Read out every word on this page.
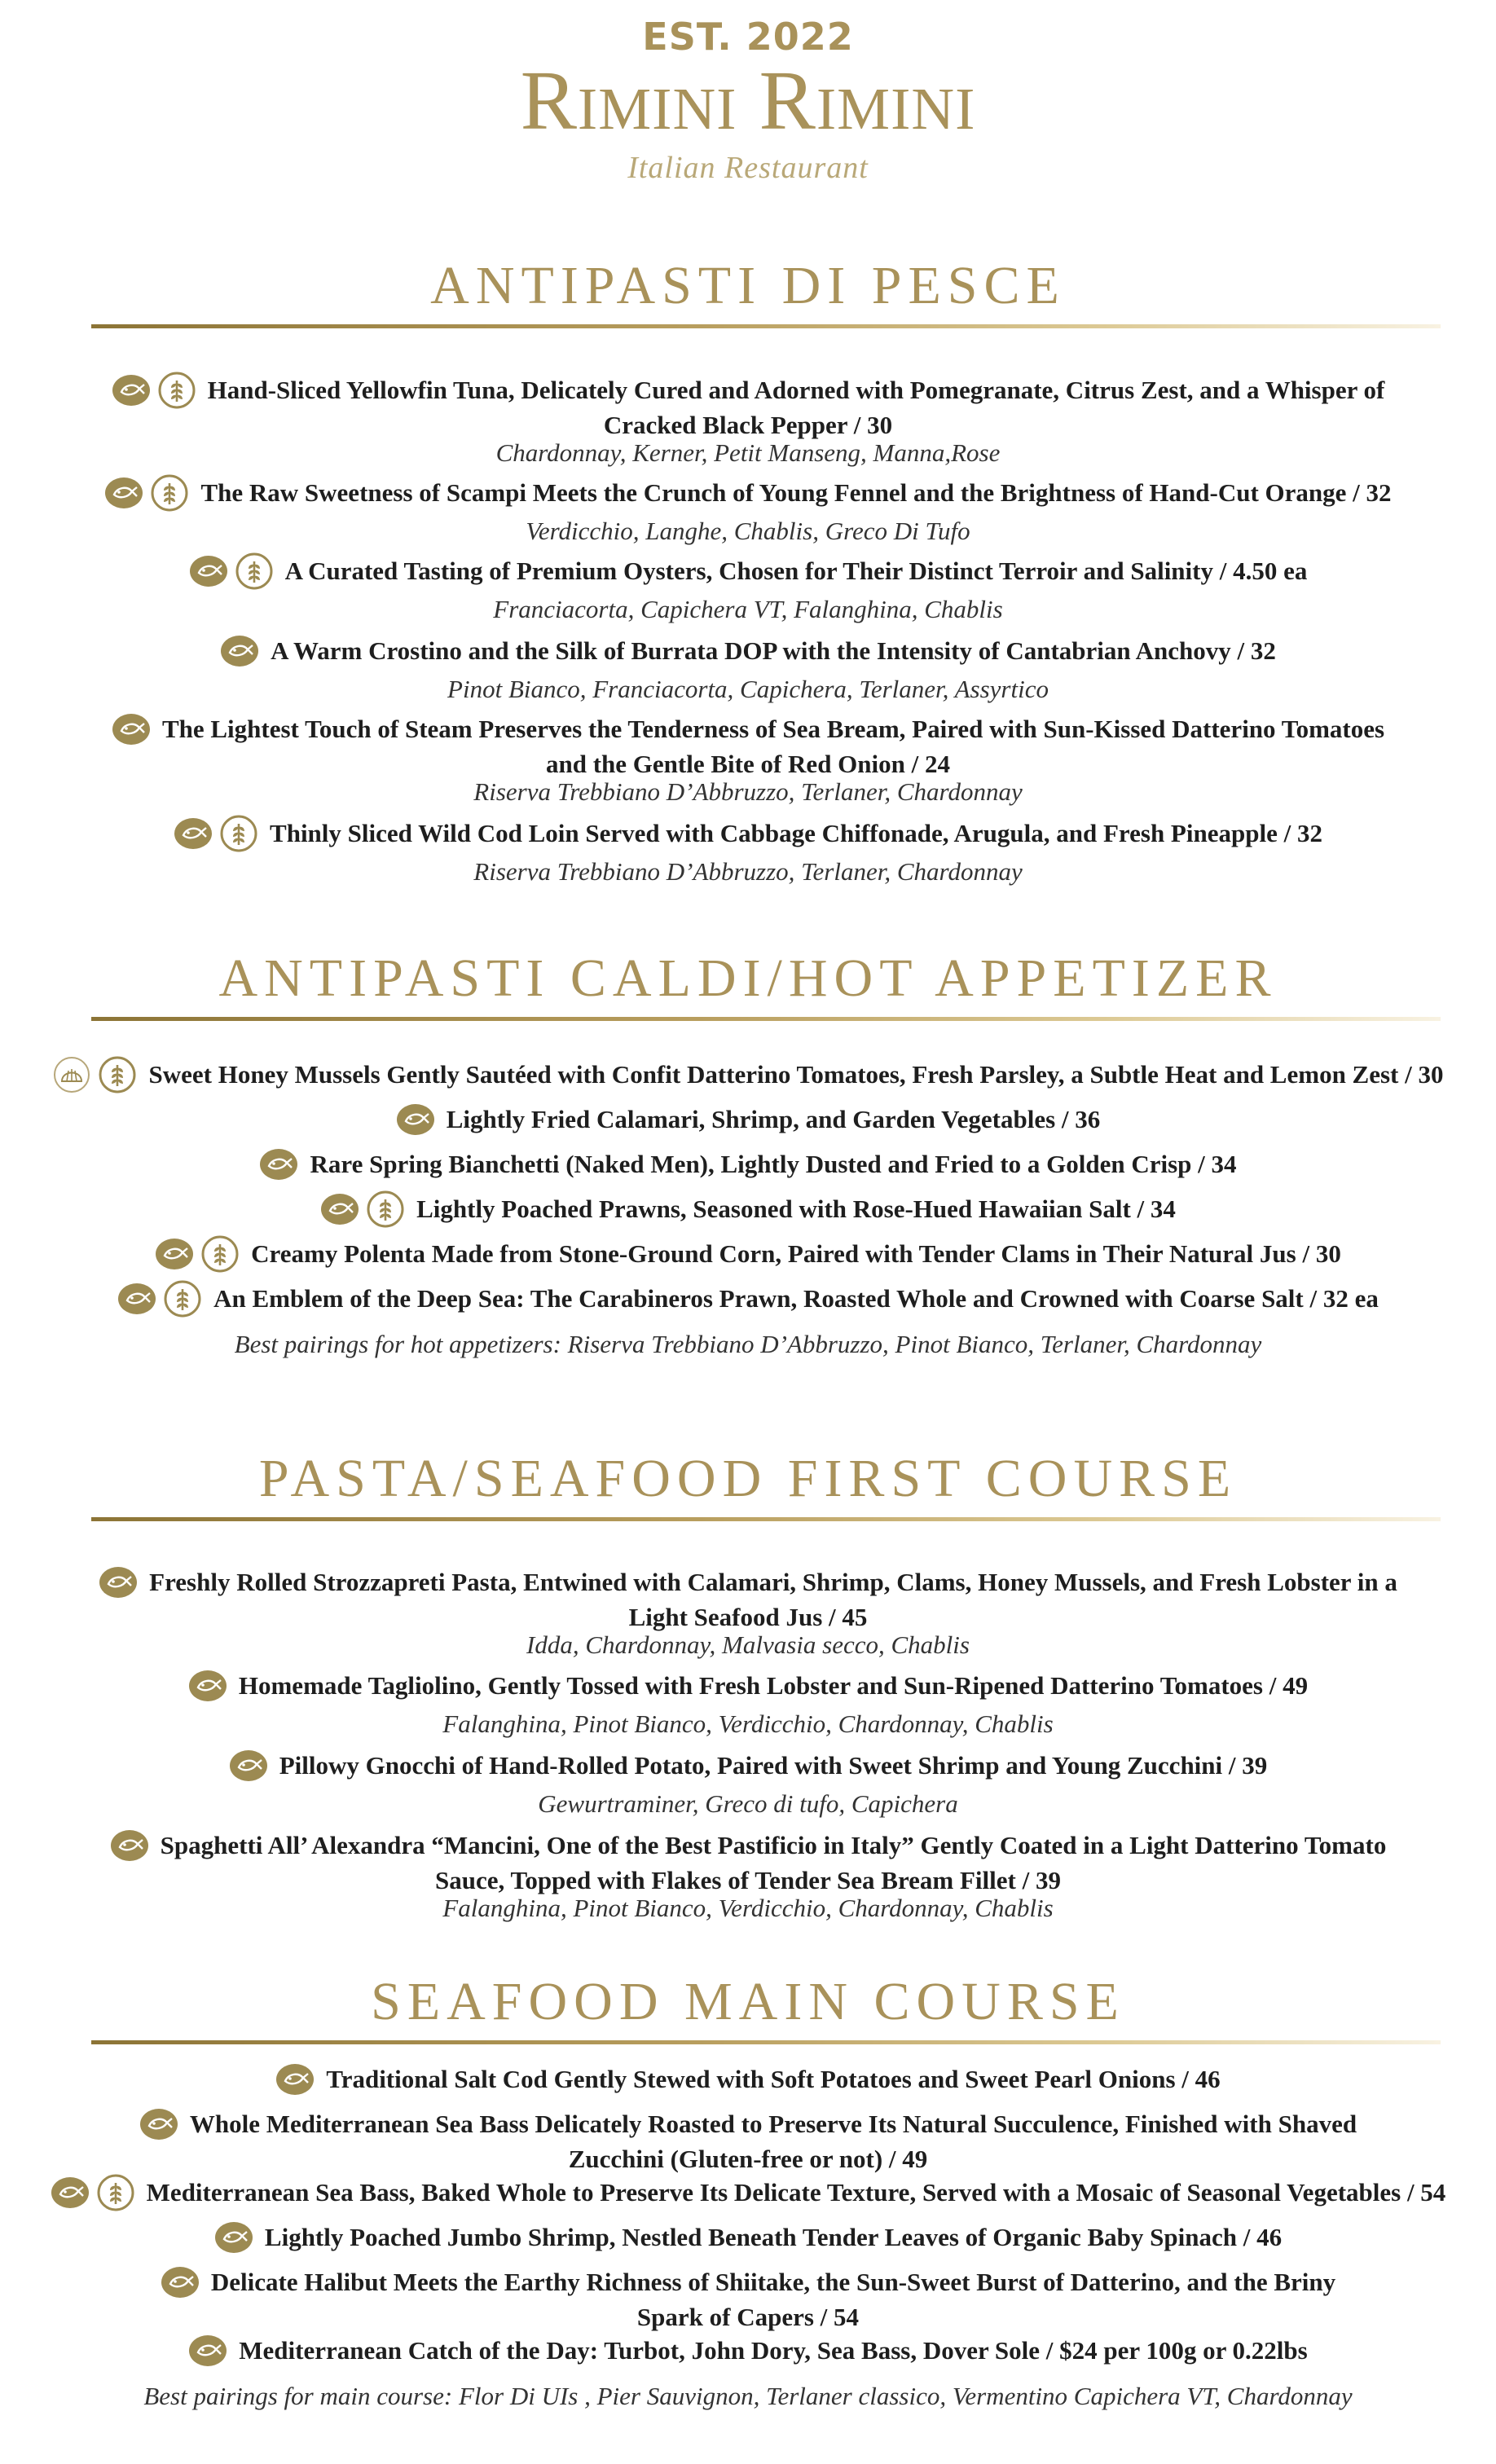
EST. 2022
Rimini Rimini
Italian Restaurant
ANTIPASTI DI PESCE
Hand-Sliced Yellowfin Tuna, Delicately Cured and Adorned with Pomegranate, Citrus Zest, and a Whisper of
Cracked Black Pepper / 30
Chardonnay, Kerner, Petit Manseng, Manna,Rose
The Raw Sweetness of Scampi Meets the Crunch of Young Fennel and the Brightness of Hand-Cut Orange / 32
Verdicchio, Langhe, Chablis, Greco Di Tufo
A Curated Tasting of Premium Oysters, Chosen for Their Distinct Terroir and Salinity / 4.50 ea
Franciacorta, Capichera VT, Falanghina, Chablis
A Warm Crostino and the Silk of Burrata DOP with the Intensity of Cantabrian Anchovy / 32
Pinot Bianco, Franciacorta, Capichera, Terlaner, Assyrtico
The Lightest Touch of Steam Preserves the Tenderness of Sea Bream, Paired with Sun-Kissed Datterino Tomatoes
and the Gentle Bite of Red Onion / 24
Riserva Trebbiano D’Abbruzzo, Terlaner, Chardonnay
Thinly Sliced Wild Cod Loin Served with Cabbage Chiffonade, Arugula, and Fresh Pineapple / 32
Riserva Trebbiano D’Abbruzzo, Terlaner, Chardonnay
ANTIPASTI CALDI/HOT APPETIZER
Sweet Honey Mussels Gently Sautéed with Confit Datterino Tomatoes, Fresh Parsley, a Subtle Heat and Lemon Zest / 30
Lightly Fried Calamari, Shrimp, and Garden Vegetables / 36
Rare Spring Bianchetti (Naked Men), Lightly Dusted and Fried to a Golden Crisp / 34
Lightly Poached Prawns, Seasoned with Rose-Hued Hawaiian Salt / 34
Creamy Polenta Made from Stone-Ground Corn, Paired with Tender Clams in Their Natural Jus / 30
An Emblem of the Deep Sea: The Carabineros Prawn, Roasted Whole and Crowned with Coarse Salt / 32 ea
Best pairings for hot appetizers: Riserva Trebbiano D’Abbruzzo, Pinot Bianco, Terlaner, Chardonnay
PASTA/SEAFOOD FIRST COURSE
Freshly Rolled Strozzapreti Pasta, Entwined with Calamari, Shrimp, Clams, Honey Mussels, and Fresh Lobster in a
Light Seafood Jus / 45
Idda, Chardonnay, Malvasia secco, Chablis
Homemade Tagliolino, Gently Tossed with Fresh Lobster and Sun-Ripened Datterino Tomatoes / 49
Falanghina, Pinot Bianco, Verdicchio, Chardonnay, Chablis
Pillowy Gnocchi of Hand-Rolled Potato, Paired with Sweet Shrimp and Young Zucchini / 39
Gewurtraminer, Greco di tufo, Capichera
Spaghetti All’ Alexandra “Mancini, One of the Best Pastificio in Italy” Gently Coated in a Light Datterino Tomato
Sauce, Topped with Flakes of Tender Sea Bream Fillet / 39
Falanghina, Pinot Bianco, Verdicchio, Chardonnay, Chablis
SEAFOOD MAIN COURSE
Traditional Salt Cod Gently Stewed with Soft Potatoes and Sweet Pearl Onions / 46
Whole Mediterranean Sea Bass Delicately Roasted to Preserve Its Natural Succulence, Finished with Shaved
Zucchini (Gluten-free or not) / 49
Mediterranean Sea Bass, Baked Whole to Preserve Its Delicate Texture, Served with a Mosaic of Seasonal Vegetables / 54
Lightly Poached Jumbo Shrimp, Nestled Beneath Tender Leaves of Organic Baby Spinach / 46
Delicate Halibut Meets the Earthy Richness of Shiitake, the Sun-Sweet Burst of Datterino, and the Briny
Spark of Capers / 54
Mediterranean Catch of the Day: Turbot, John Dory, Sea Bass, Dover Sole / $24 per 100g or 0.22lbs
Best pairings for main course: Flor Di UIs , Pier Sauvignon, Terlaner classico, Vermentino Capichera VT, Chardonnay
